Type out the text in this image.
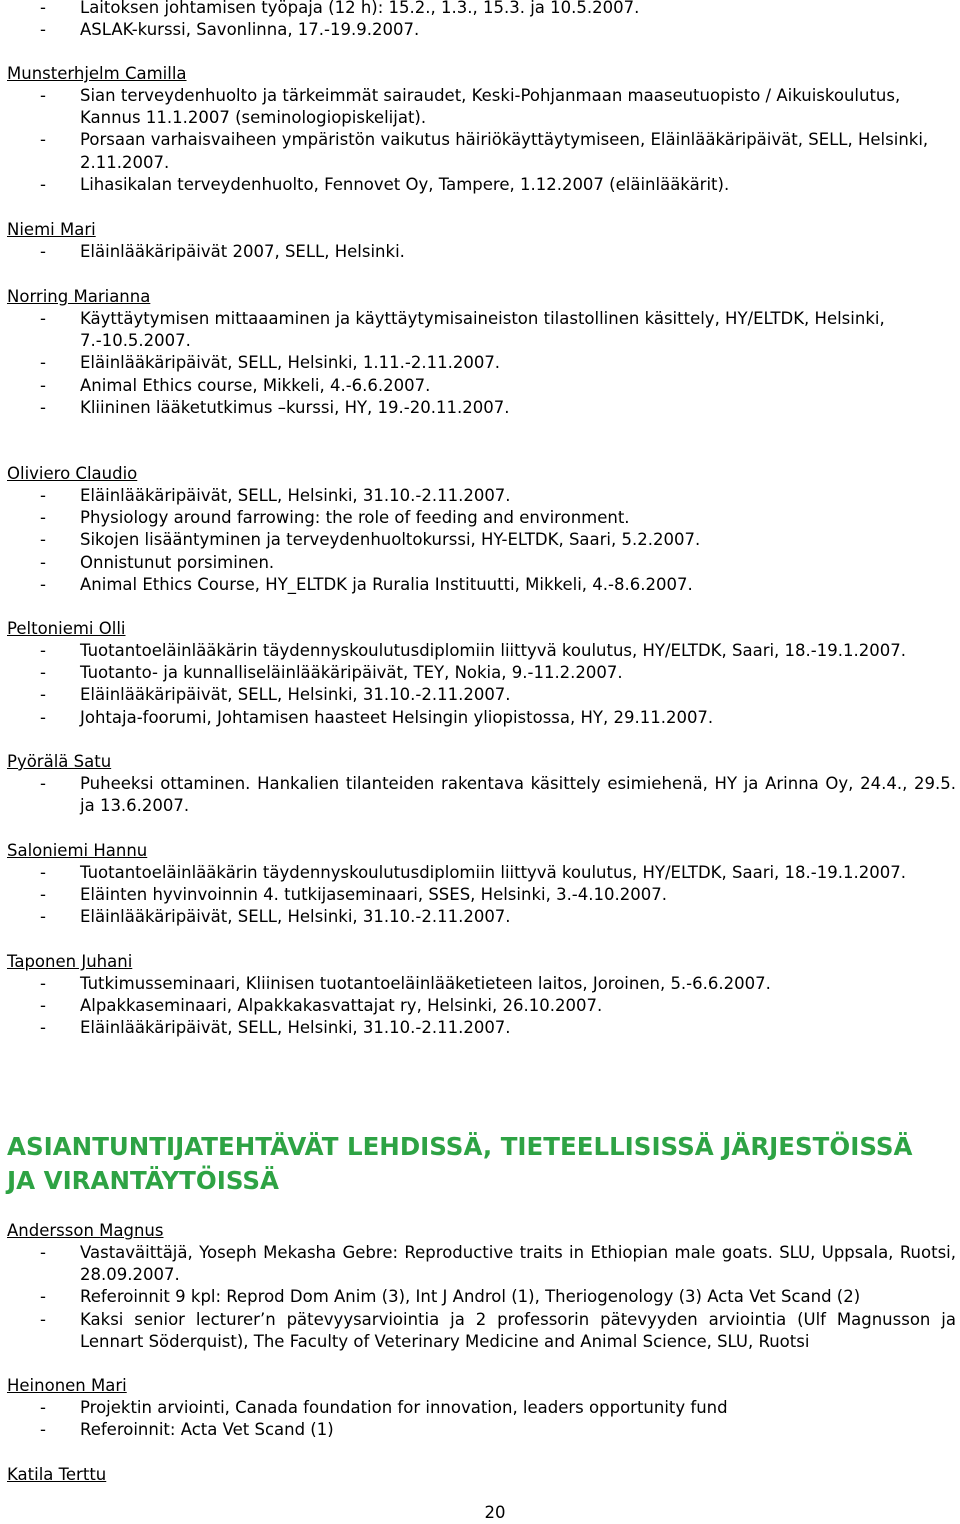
- Laitoksen johtamisen työpaja (12 h): 15.2., 1.3., 15.3. ja 10.5.2007.
- ASLAK-kurssi, Savonlinna, 17.-19.9.2007.
Munsterhjelm Camilla
- Sian terveydenhuolto ja tärkeimmät sairaudet, Keski-Pohjanmaan maaseutuopisto / Aikuiskoulutus, Kannus 11.1.2007 (seminologiopiskelijat).
- Porsaan varhaisvaiheen ympäristön vaikutus häiriökäyttäytymiseen, Eläinlääkäripäivät, SELL, Helsinki, 2.11.2007.
- Lihasikalan terveydenhuolto, Fennovet Oy, Tampere, 1.12.2007 (eläinlääkärit).
Niemi Mari
- Eläinlääkäripäivät 2007, SELL, Helsinki.
Norring Marianna
- Käyttäytymisen mittaaaminen ja käyttäytymisaineiston tilastollinen käsittely, HY/ELTDK, Helsinki, 7.-10.5.2007.
- Eläinlääkäripäivät, SELL, Helsinki, 1.11.-2.11.2007.
- Animal Ethics course, Mikkeli, 4.-6.6.2007.
- Kliininen lääketutkimus –kurssi, HY, 19.-20.11.2007.
Oliviero Claudio
- Eläinlääkäripäivät, SELL, Helsinki, 31.10.-2.11.2007.
- Physiology around farrowing: the role of feeding and environment.
- Sikojen lisääntyminen ja terveydenhuoltokurssi, HY-ELTDK, Saari, 5.2.2007.
- Onnistunut porsiminen.
- Animal Ethics Course, HY_ELTDK ja Ruralia Instituutti, Mikkeli, 4.-8.6.2007.
Peltoniemi Olli
- Tuotantoeläinlääkärin täydennyskoulutusdiplomiin liittyvä koulutus, HY/ELTDK, Saari, 18.-19.1.2007.
- Tuotanto- ja kunnalliseläinlääkäripäivät, TEY, Nokia, 9.-11.2.2007.
- Eläinlääkäripäivät, SELL, Helsinki, 31.10.-2.11.2007.
- Johtaja-foorumi, Johtamisen haasteet Helsingin yliopistossa, HY, 29.11.2007.
Pyörälä Satu
- Puheeksi ottaminen. Hankalien tilanteiden rakentava käsittely esimiehenä, HY ja Arinna Oy, 24.4., 29.5. ja 13.6.2007.
Saloniemi Hannu
- Tuotantoeläinlääkärin täydennyskoulutusdiplomiin liittyvä koulutus, HY/ELTDK, Saari, 18.-19.1.2007.
- Eläinten hyvinvoinnin 4. tutkijaseminaari, SSES, Helsinki, 3.-4.10.2007.
- Eläinlääkäripäivät, SELL, Helsinki, 31.10.-2.11.2007.
Taponen Juhani
- Tutkimusseminaari, Kliinisen tuotantoeläinlääketieteen laitos, Joroinen, 5.-6.6.2007.
- Alpakkaseminaari, Alpakkakasvattajat ry, Helsinki, 26.10.2007.
- Eläinlääkäripäivät, SELL, Helsinki, 31.10.-2.11.2007.
ASIANTUNTIJATEHTÄVÄT LEHDISSÄ, TIETEELLISISSÄ JÄRJESTÖISSÄ
JA VIRANTÄYTÖISSÄ
Andersson Magnus
- Vastaväittäjä, Yoseph Mekasha Gebre: Reproductive traits in Ethiopian male goats. SLU, Uppsala, Ruotsi, 28.09.2007.
- Referoinnit 9 kpl: Reprod Dom Anim (3), Int J Androl (1), Theriogenology (3) Acta Vet Scand (2)
- Kaksi senior lecturer’n pätevyysarviointia ja 2 professorin pätevyyden arviointia (Ulf Magnusson ja Lennart Söderquist), The Faculty of Veterinary Medicine and Animal Science, SLU, Ruotsi
Heinonen Mari
- Projektin arviointi, Canada foundation for innovation, leaders opportunity fund
- Referoinnit: Acta Vet Scand (1)
Katila Terttu
20
